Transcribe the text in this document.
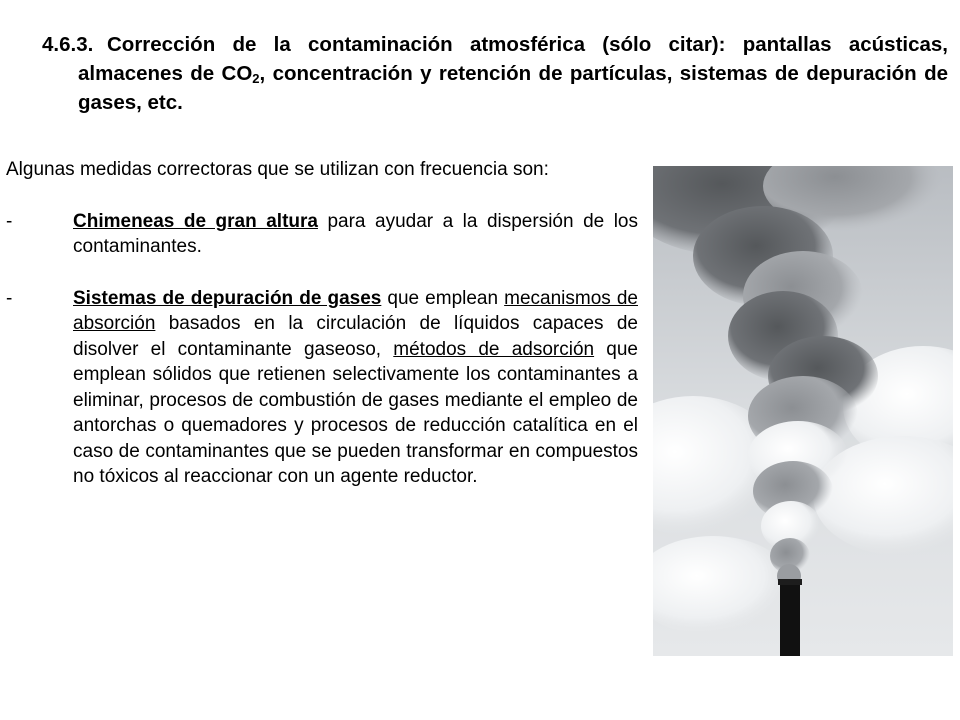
4.6.3. Corrección de la contaminación atmosférica (sólo citar): pantallas acústicas, almacenes de $CO_2$, concentración y retención de partículas, sistemas de depuración de gases, etc.

Algunas medidas correctoras que se utilizan con frecuencia son:

-	Chimeneas de gran altura para ayudar a la dispersión de los contaminantes.

-	Sistemas de depuración de gases que emplean mecanismos de absorción basados en la circulación de líquidos capaces de disolver el contaminante gaseoso, métodos de adsorción que emplean sólidos que retienen selectivamente los contaminantes a eliminar, procesos de combustión de gases mediante el empleo de antorchas o quemadores y procesos de reducción catalítica en el caso de contaminantes que se pueden transformar en compuestos no tóxicos al reaccionar con un agente reductor.
